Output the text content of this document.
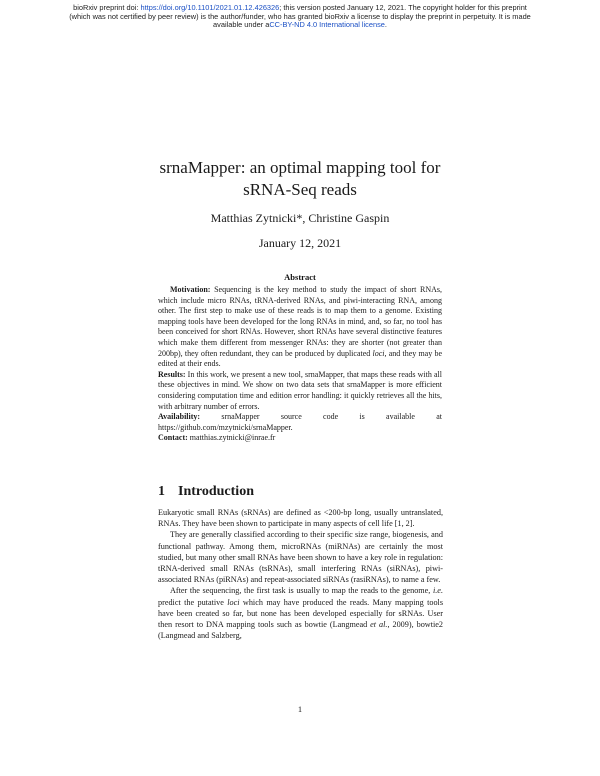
bioRxiv preprint doi: https://doi.org/10.1101/2021.01.12.426326; this version posted January 12, 2021. The copyright holder for this preprint
(which was not certified by peer review) is the author/funder, who has granted bioRxiv a license to display the preprint in perpetuity. It is made
available under aCC-BY-ND 4.0 International license.
srnaMapper: an optimal mapping tool for
sRNA-Seq reads
Matthias Zytnicki*, Christine Gaspin
January 12, 2021
Abstract

Motivation: Sequencing is the key method to study the impact of short RNAs, which include micro RNAs, tRNA-derived RNAs, and piwi-interacting RNA, among other. The first step to make use of these reads is to map them to a genome. Existing mapping tools have been developed for the long RNAs in mind, and, so far, no tool has been conceived for short RNAs. However, short RNAs have several distinctive features which make them different from messenger RNAs: they are shorter (not greater than 200bp), they often redundant, they can be produced by duplicated loci, and they may be edited at their ends.

Results: In this work, we present a new tool, srnaMapper, that maps these reads with all these objectives in mind. We show on two data sets that srnaMapper is more efficient considering computation time and edition error handling: it quickly retrieves all the hits, with arbitrary number of errors.

Availability: srnaMapper source code is available at https://github.com/mzytnicki/srnaMapper.

Contact: matthias.zytnicki@inrae.fr

1 Introduction

Eukaryotic small RNAs (sRNAs) are defined as <200-bp long, usually untranslated, RNAs. They have been shown to participate in many aspects of cell life [1, 2].

They are generally classified according to their specific size range, biogenesis, and functional pathway. Among them, microRNAs (miRNAs) are certainly the most studied, but many other small RNAs have been shown to have a key role in regulation: tRNA-derived small RNAs (tsRNAs), small interfering RNAs (siRNAs), piwi-associated RNAs (piRNAs) and repeat-associated siRNAs (rasiRNAs), to name a few.

After the sequencing, the first task is usually to map the reads to the genome, i.e. predict the putative loci which may have produced the reads. Many mapping tools have been created so far, but none has been developed especially for sRNAs. User then resort to DNA mapping tools such as bowtie (Langmead et al., 2009), bowtie2 (Langmead and Salzberg,

1
